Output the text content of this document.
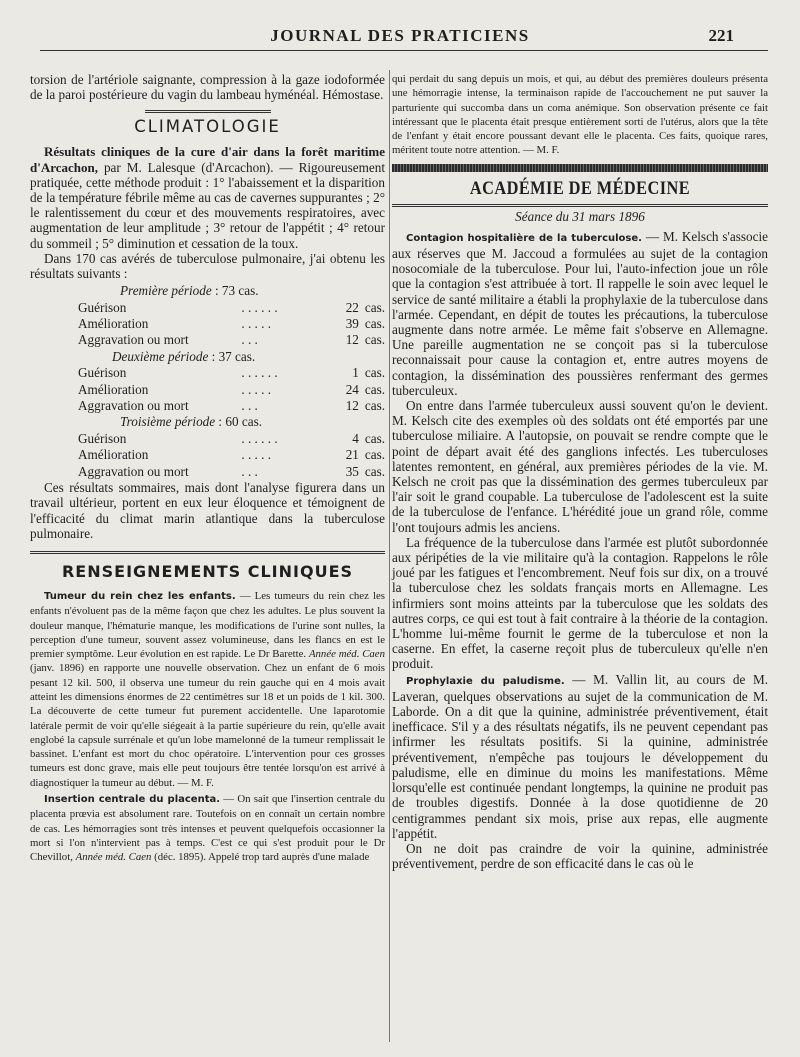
JOURNAL DES PRATICIENS	221

torsion de l'artériole saignante, compression à la gaze iodoformée de la paroi postérieure du vagin du lambeau hyménéal. Hémostase.

CLIMATOLOGIE

Résultats cliniques de la cure d'air dans la forêt maritime d'Arcachon, par M. Lalesque (d'Arcachon). — Rigoureusement pratiquée, cette méthode produit : 1° l'abaissement et la disparition de la température fébrile même au cas de cavernes suppurantes ; 2° le ralentissement du cœur et des mouvements respiratoires, avec augmentation de leur amplitude ; 3° retour de l'appétit ; 4° retour du sommeil ; 5° diminution et cessation de la toux.

Dans 170 cas avérés de tuberculose pulmonaire, j'ai obtenu les résultats suivants :

Première période : 73 cas.
Guérison	. . . . . .	22 cas.
Amélioration	. . . . .	39 cas.
Aggravation ou mort	. . .	12 cas.
Deuxième période : 37 cas.
Guérison	. . . . . .	1 cas.
Amélioration	. . . . .	24 cas.
Aggravation ou mort	. . .	12 cas.
Troisième période : 60 cas.
Guérison	. . . . . .	4 cas.
Amélioration	. . . . .	21 cas.
Aggravation ou mort	. . .	35 cas.

Ces résultats sommaires, mais dont l'analyse figurera dans un travail ultérieur, portent en eux leur éloquence et témoignent de l'efficacité du climat marin atlantique dans la tuberculose pulmonaire.

RENSEIGNEMENTS CLINIQUES

Tumeur du rein chez les enfants. — Les tumeurs du rein chez les enfants n'évoluent pas de la même façon que chez les adultes. Le plus souvent la douleur manque, l'hématurie manque, les modifications de l'urine sont nulles, la perception d'une tumeur, souvent assez volumineuse, dans les flancs en est le premier symptôme. Leur évolution en est rapide. Le Dr Barette. Année méd. Caen (janv. 1896) en rapporte une nouvelle observation. Chez un enfant de 6 mois pesant 12 kil. 500, il observa une tumeur du rein gauche qui en 4 mois avait atteint les dimensions énormes de 22 centimètres sur 18 et un poids de 1 kil. 300. La découverte de cette tumeur fut purement accidentelle. Une laparotomie latérale permit de voir qu'elle siégeait à la partie supérieure du rein, qu'elle avait englobé la capsule surrénale et qu'un lobe mamelonné de la tumeur remplissait le bassinet. L'enfant est mort du choc opératoire. L'intervention pour ces grosses tumeurs est donc grave, mais elle peut toujours être tentée lorsqu'on est arrivé à diagnostiquer la tumeur au début. — M. F.

Insertion centrale du placenta. — On sait que l'insertion centrale du placenta prœvia est absolument rare. Toutefois on en connaît un certain nombre de cas. Les hémorragies sont très intenses et peuvent quelquefois occasionner la mort si l'on n'intervient pas à temps. C'est ce qui s'est produit pour le Dr Chevillot, Année méd. Caen (déc. 1895). Appelé trop tard auprès d'une malade

qui perdait du sang depuis un mois, et qui, au début des premières douleurs présenta une hémorragie intense, la terminaison rapide de l'accouchement ne put sauver la parturiente qui succomba dans un coma anémique. Son observation présente ce fait intéressant que le placenta était presque entièrement sorti de l'utérus, alors que la tête de l'enfant y était encore poussant devant elle le placenta. Ces faits, quoique rares, méritent toute notre attention. — M. F.

ACADÉMIE DE MÉDECINE
Séance du 31 mars 1896

Contagion hospitalière de la tuberculose. — M. Kelsch s'associe aux réserves que M. Jaccoud a formulées au sujet de la contagion nosocomiale de la tuberculose. Pour lui, l'auto-infection joue un rôle que la contagion s'est attribuée à tort. Il rappelle le soin avec lequel le service de santé militaire a établi la prophylaxie de la tuberculose dans l'armée. Cependant, en dépit de toutes les précautions, la tuberculose augmente dans notre armée. Le même fait s'observe en Allemagne. Une pareille augmentation ne se conçoit pas si la tuberculose reconnaissait pour cause la contagion et, entre autres moyens de contagion, la dissémination des poussières renfermant des germes tuberculeux.

On entre dans l'armée tuberculeux aussi souvent qu'on le devient. M. Kelsch cite des exemples où des soldats ont été emportés par une tuberculose miliaire. A l'autopsie, on pouvait se rendre compte que le point de départ avait été des ganglions infectés. Les tuberculoses latentes remontent, en général, aux premières périodes de la vie. M. Kelsch ne croit pas que la dissémination des germes tuberculeux par l'air soit le grand coupable. La tuberculose de l'adolescent est la suite de la tuberculose de l'enfance. L'hérédité joue un grand rôle, comme l'ont toujours admis les anciens.

La fréquence de la tuberculose dans l'armée est plutôt subordonnée aux péripéties de la vie militaire qu'à la contagion. Rappelons le rôle joué par les fatigues et l'encombrement. Neuf fois sur dix, on a trouvé la tuberculose chez les soldats français morts en Allemagne. Les infirmiers sont moins atteints par la tuberculose que les soldats des autres corps, ce qui est tout à fait contraire à la théorie de la contagion. L'homme lui-même fournit le germe de la tuberculose et non la caserne. En effet, la caserne reçoit plus de tuberculeux qu'elle n'en produit.

Prophylaxie du paludisme. — M. Vallin lit, au cours de M. Laveran, quelques observations au sujet de la communication de M. Laborde. On a dit que la quinine, administrée préventivement, était inefficace. S'il y a des résultats négatifs, ils ne peuvent cependant pas infirmer les résultats positifs. Si la quinine, administrée préventivement, n'empêche pas toujours le développement du paludisme, elle en diminue du moins les manifestations. Même lorsqu'elle est continuée pendant longtemps, la quinine ne produit pas de troubles digestifs. Donnée à la dose quotidienne de 20 centigrammes pendant six mois, prise aux repas, elle augmente l'appétit.

On ne doit pas craindre de voir la quinine, administrée préventivement, perdre de son efficacité dans le cas où le
